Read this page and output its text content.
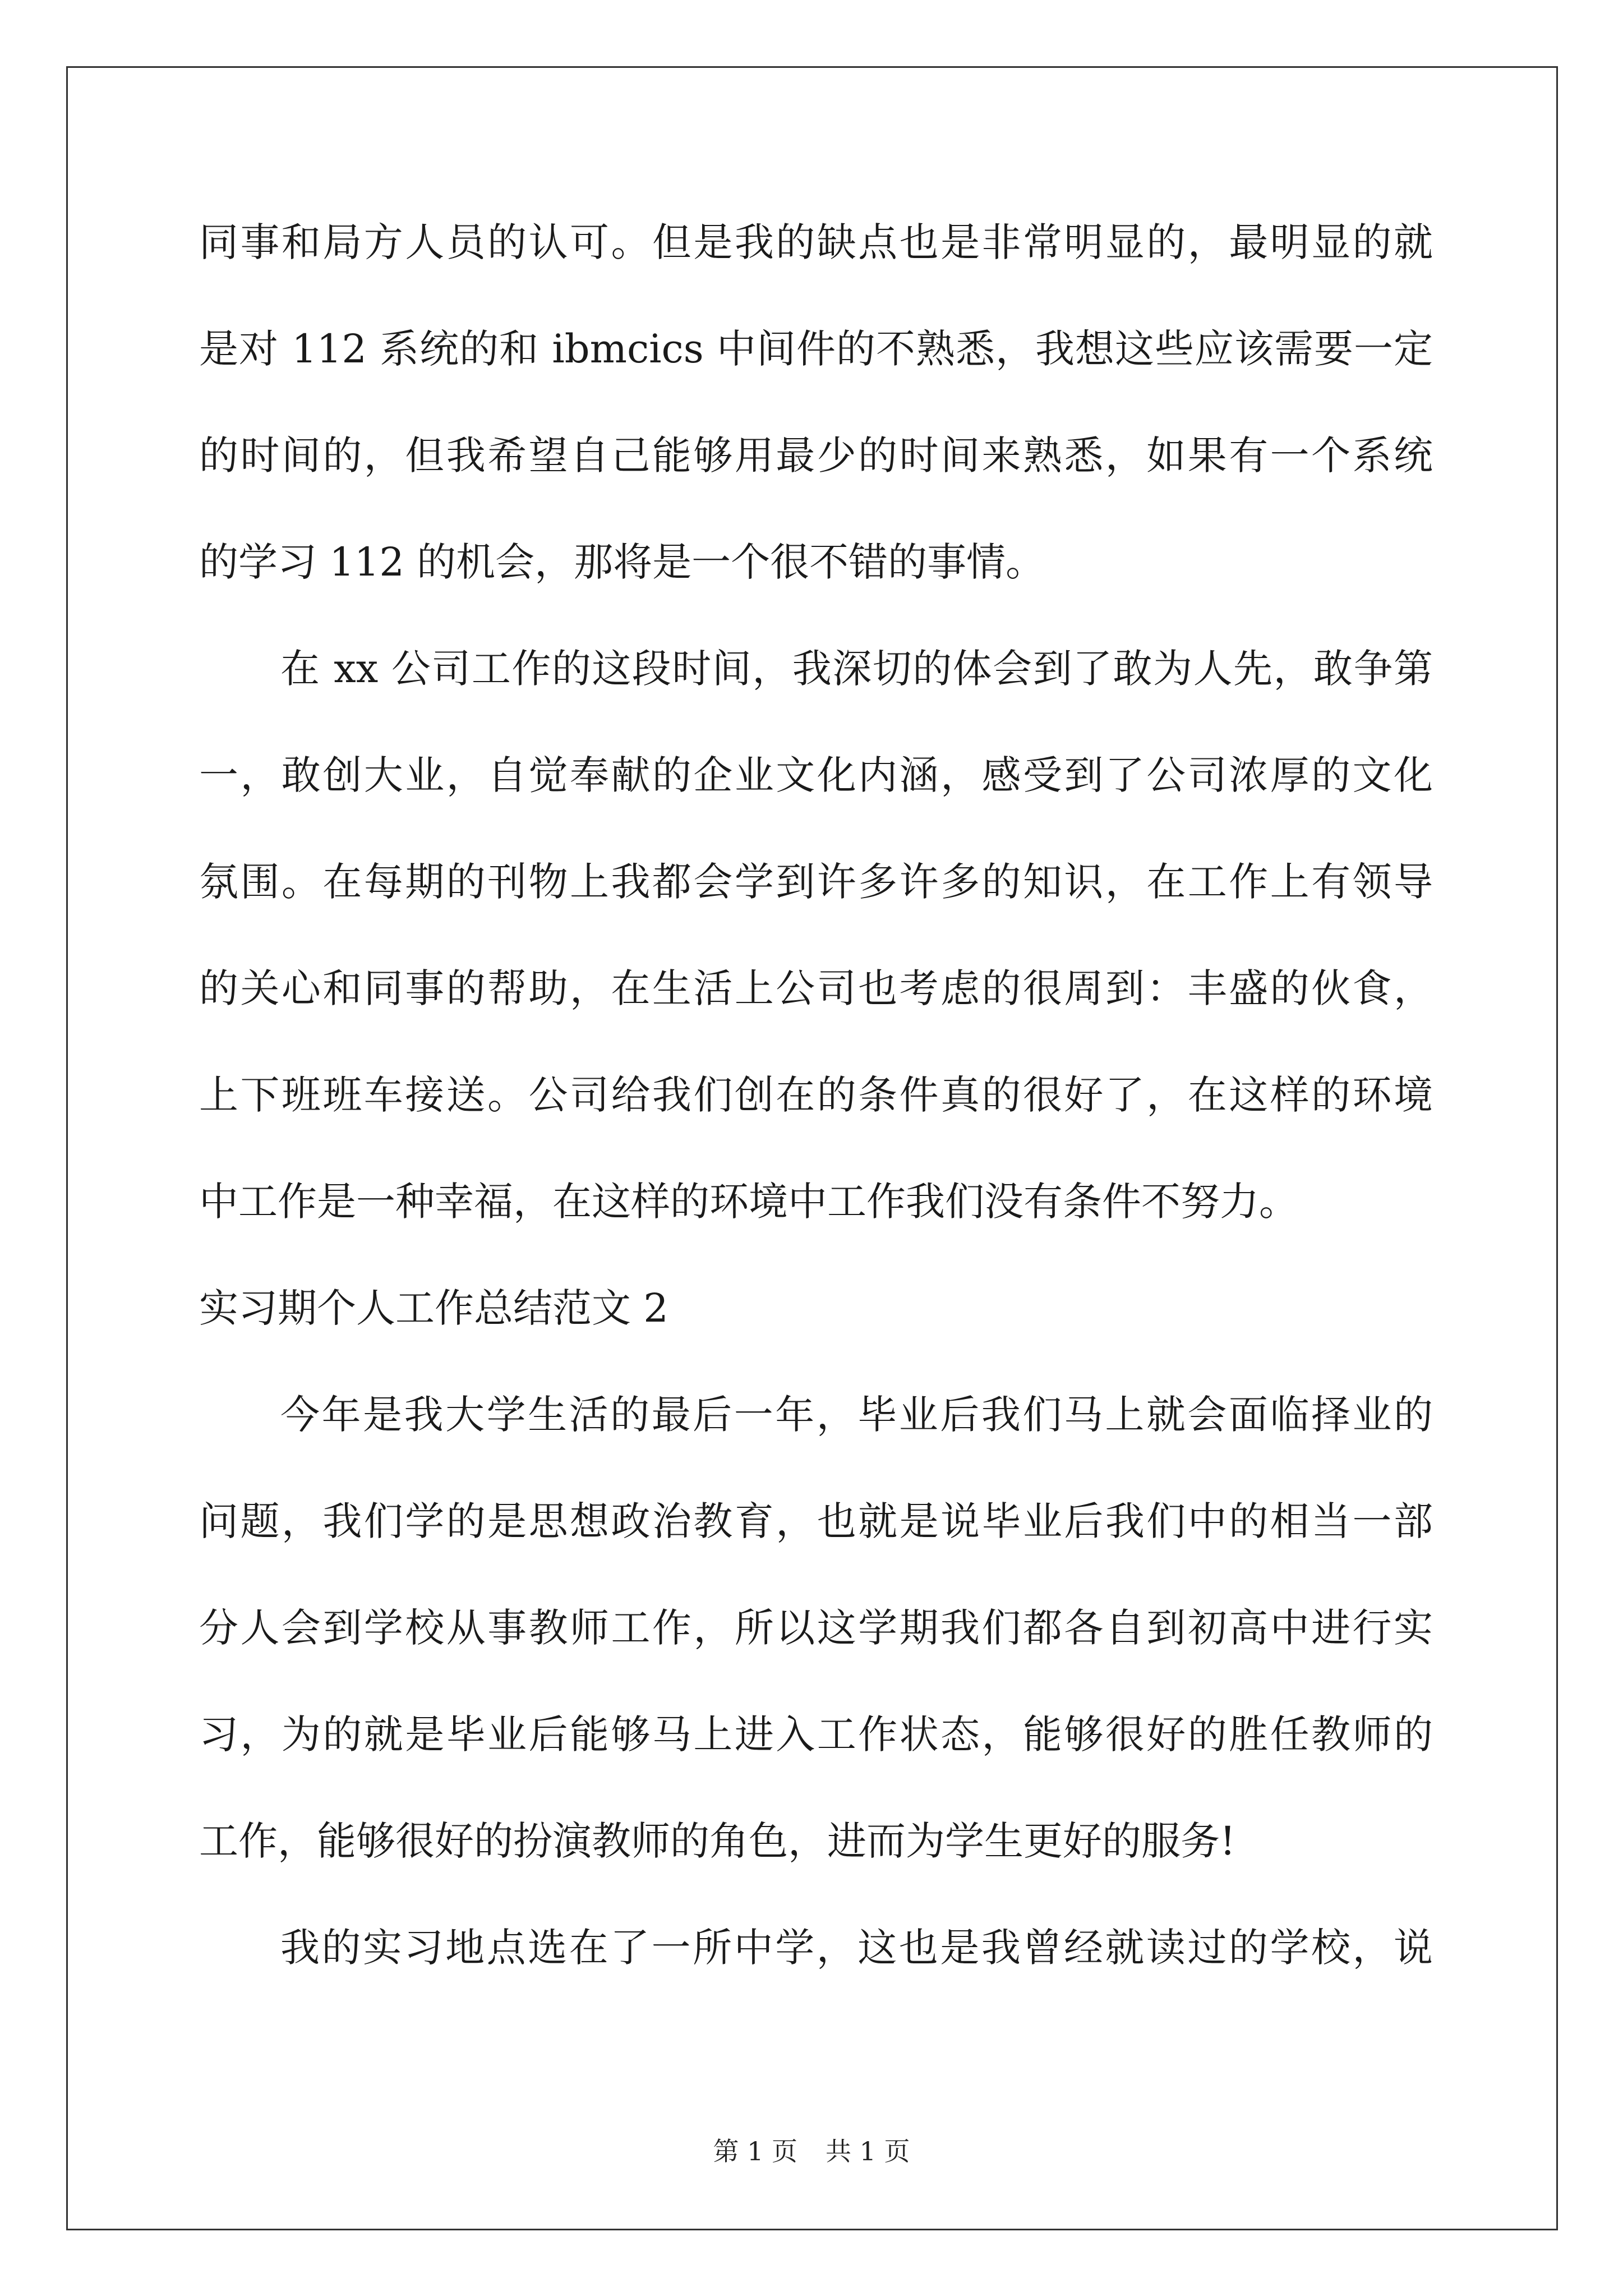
同事和局方人员的认可。但是我的缺点也是非常明显的，最明显的就
是对 112 系统的和 ibmcics 中间件的不熟悉，我想这些应该需要一定
的时间的，但我希望自己能够用最少的时间来熟悉，如果有一个系统
的学习 112 的机会，那将是一个很不错的事情。
在 xx 公司工作的这段时间，我深切的体会到了敢为人先，敢争第
一，敢创大业，自觉奉献的企业文化内涵，感受到了公司浓厚的文化
氛围。在每期的刊物上我都会学到许多许多的知识，在工作上有领导
的关心和同事的帮助，在生活上公司也考虑的很周到：丰盛的伙食，
上下班班车接送。公司给我们创在的条件真的很好了，在这样的环境
中工作是一种幸福，在这样的环境中工作我们没有条件不努力。
实习期个人工作总结范文 2
今年是我大学生活的最后一年，毕业后我们马上就会面临择业的
问题，我们学的是思想政治教育，也就是说毕业后我们中的相当一部
分人会到学校从事教师工作，所以这学期我们都各自到初高中进行实
习，为的就是毕业后能够马上进入工作状态，能够很好的胜任教师的
工作，能够很好的扮演教师的角色，进而为学生更好的服务!
我的实习地点选在了一所中学，这也是我曾经就读过的学校，说
第 1 页 共 1 页
